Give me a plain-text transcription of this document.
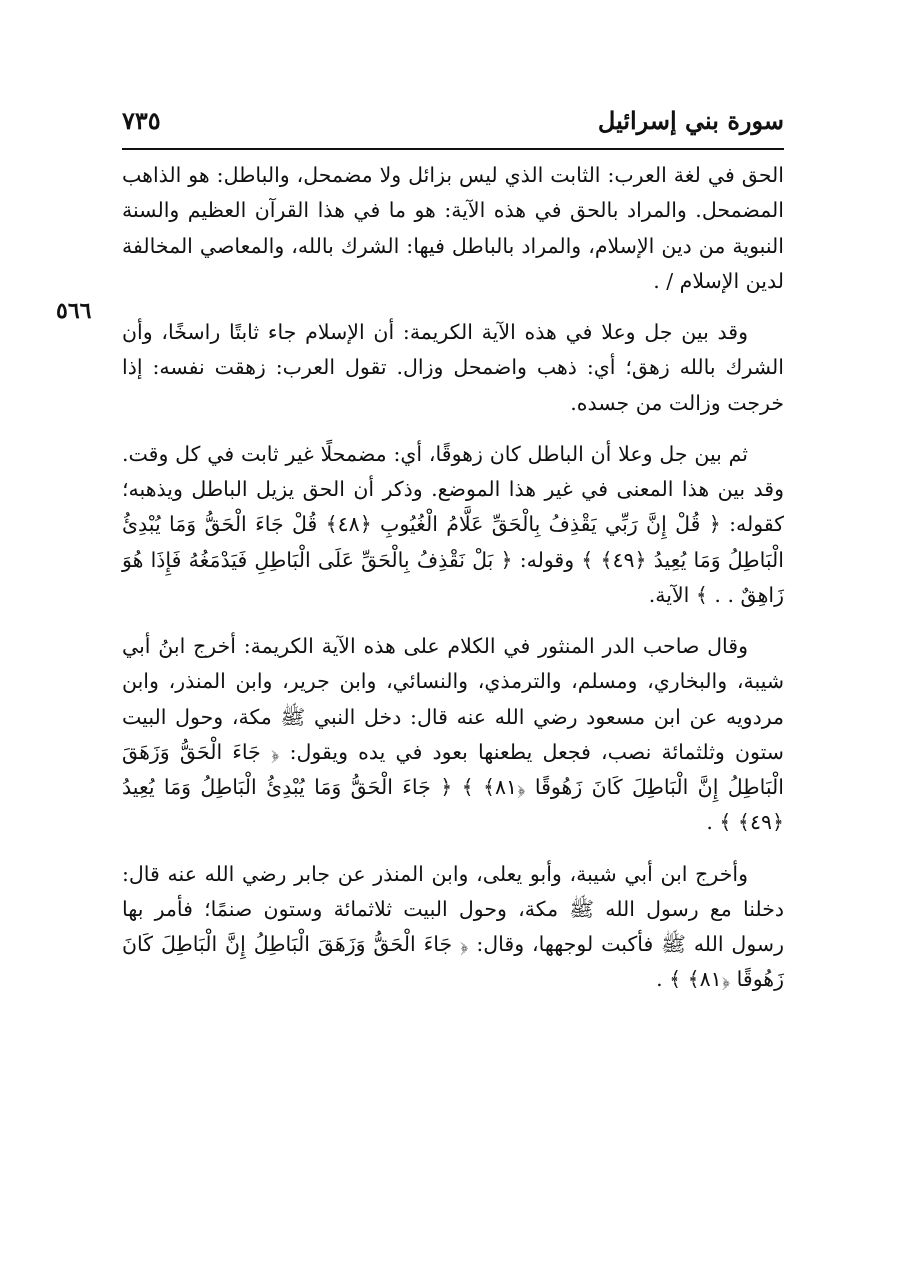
سورة بني إسرائيل
٧٣٥
٥٦٦

الحق في لغة العرب: الثابت الذي ليس بزائل ولا مضمحل، والباطل: هو الذاهب المضمحل. والمراد بالحق في هذه الآية: هو ما في هذا القرآن العظيم والسنة النبوية من دين الإسلام، والمراد بالباطل فيها: الشرك بالله، والمعاصي المخالفة لدين الإسلام / .

وقد بين جل وعلا في هذه الآية الكريمة: أن الإسلام جاء ثابتًا راسخًا، وأن الشرك بالله زهق؛ أي: ذهب واضمحل وزال. تقول العرب: زهقت نفسه: إذا خرجت وزالت من جسده.

ثم بين جل وعلا أن الباطل كان زهوقًا، أي: مضمحلًا غير ثابت في كل وقت. وقد بين هذا المعنى في غير هذا الموضع. وذكر أن الحق يزيل الباطل ويذهبه؛ كقوله: ﴿ قُلْ إِنَّ رَبِّي يَقْذِفُ بِالْحَقِّ عَلَّامُ الْغُيُوبِ ﴿٤٨﴾ قُلْ جَاءَ الْحَقُّ وَمَا يُبْدِئُ الْبَاطِلُ وَمَا يُعِيدُ ﴿٤٩﴾ ﴾ وقوله: ﴿ بَلْ نَقْذِفُ بِالْحَقِّ عَلَى الْبَاطِلِ فَيَدْمَغُهُ فَإِذَا هُوَ زَاهِقٌ . . ﴾ الآية.

وقال صاحب الدر المنثور في الكلام على هذه الآية الكريمة: أخرج ابنُ أبي شيبة، والبخاري، ومسلم، والترمذي، والنسائي، وابن جرير، وابن المنذر، وابن مردويه عن ابن مسعود رضي الله عنه قال: دخل النبي ﷺ مكة، وحول البيت ستون وثلثمائة نصب، فجعل يطعنها بعود في يده ويقول: ﴿ جَاءَ الْحَقُّ وَزَهَقَ الْبَاطِلُ إِنَّ الْبَاطِلَ كَانَ زَهُوقًا ﴿٨١﴾ ﴾ ﴿ جَاءَ الْحَقُّ وَمَا يُبْدِئُ الْبَاطِلُ وَمَا يُعِيدُ ﴿٤٩﴾ ﴾ .

وأخرج ابن أبي شيبة، وأبو يعلى، وابن المنذر عن جابر رضي الله عنه قال: دخلنا مع رسول الله ﷺ مكة، وحول البيت ثلاثمائة وستون صنمًا؛ فأمر بها رسول الله ﷺ فأكبت لوجهها، وقال: ﴿ جَاءَ الْحَقُّ وَزَهَقَ الْبَاطِلُ إِنَّ الْبَاطِلَ كَانَ زَهُوقًا ﴿٨١﴾ ﴾ .
